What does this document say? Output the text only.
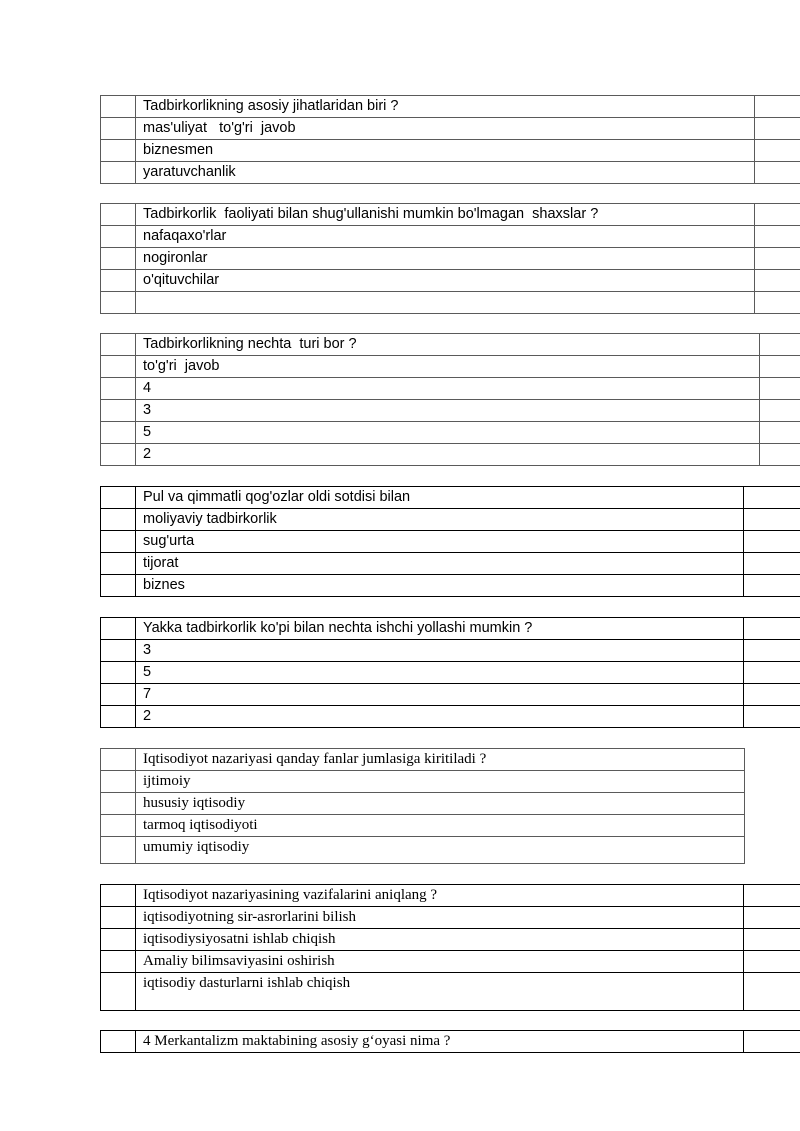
	Tadbirkorlikning asosiy jihatlaridan biri ?	
	mas'uliyat   to'g'ri  javob	
	biznesmen	
	yaratuvchanlik	
	Tadbirkorlik  faoliyati bilan shug'ullanishi mumkin bo'lmagan  shaxslar ?	
	nafaqaxo'rlar	
	nogironlar	
	o'qituvchilar	

	Tadbirkorlikning nechta  turi bor ?	
	to'g'ri  javob	
	4	
	3	
	5	
	2	
	Pul va qimmatli qog'ozlar oldi sotdisi bilan	
	moliyaviy tadbirkorlik	
	sug'urta	
	tijorat	
	biznes	
	Yakka tadbirkorlik ko'pi bilan nechta ishchi yollashi mumkin ?	
	3	
	5	
	7	
	2	
	Iqtisodiyot nazariyasi qanday fanlar jumlasiga kiritiladi ?
	ijtimoiy
	hususiy iqtisodiy
	tarmoq iqtisodiyoti
	umumiy iqtisodiy
	Iqtisodiyot nazariyasining vazifalarini aniqlang ?	
	iqtisodiyotning sir-asrorlarini bilish	
	iqtisodiysiyosatni ishlab chiqish	
	Amaliy bilimsaviyasini oshirish	
	iqtisodiy dasturlarni ishlab chiqish	
	4 Merkantalizm maktabining asosiy g‘oyasi nima ?	
